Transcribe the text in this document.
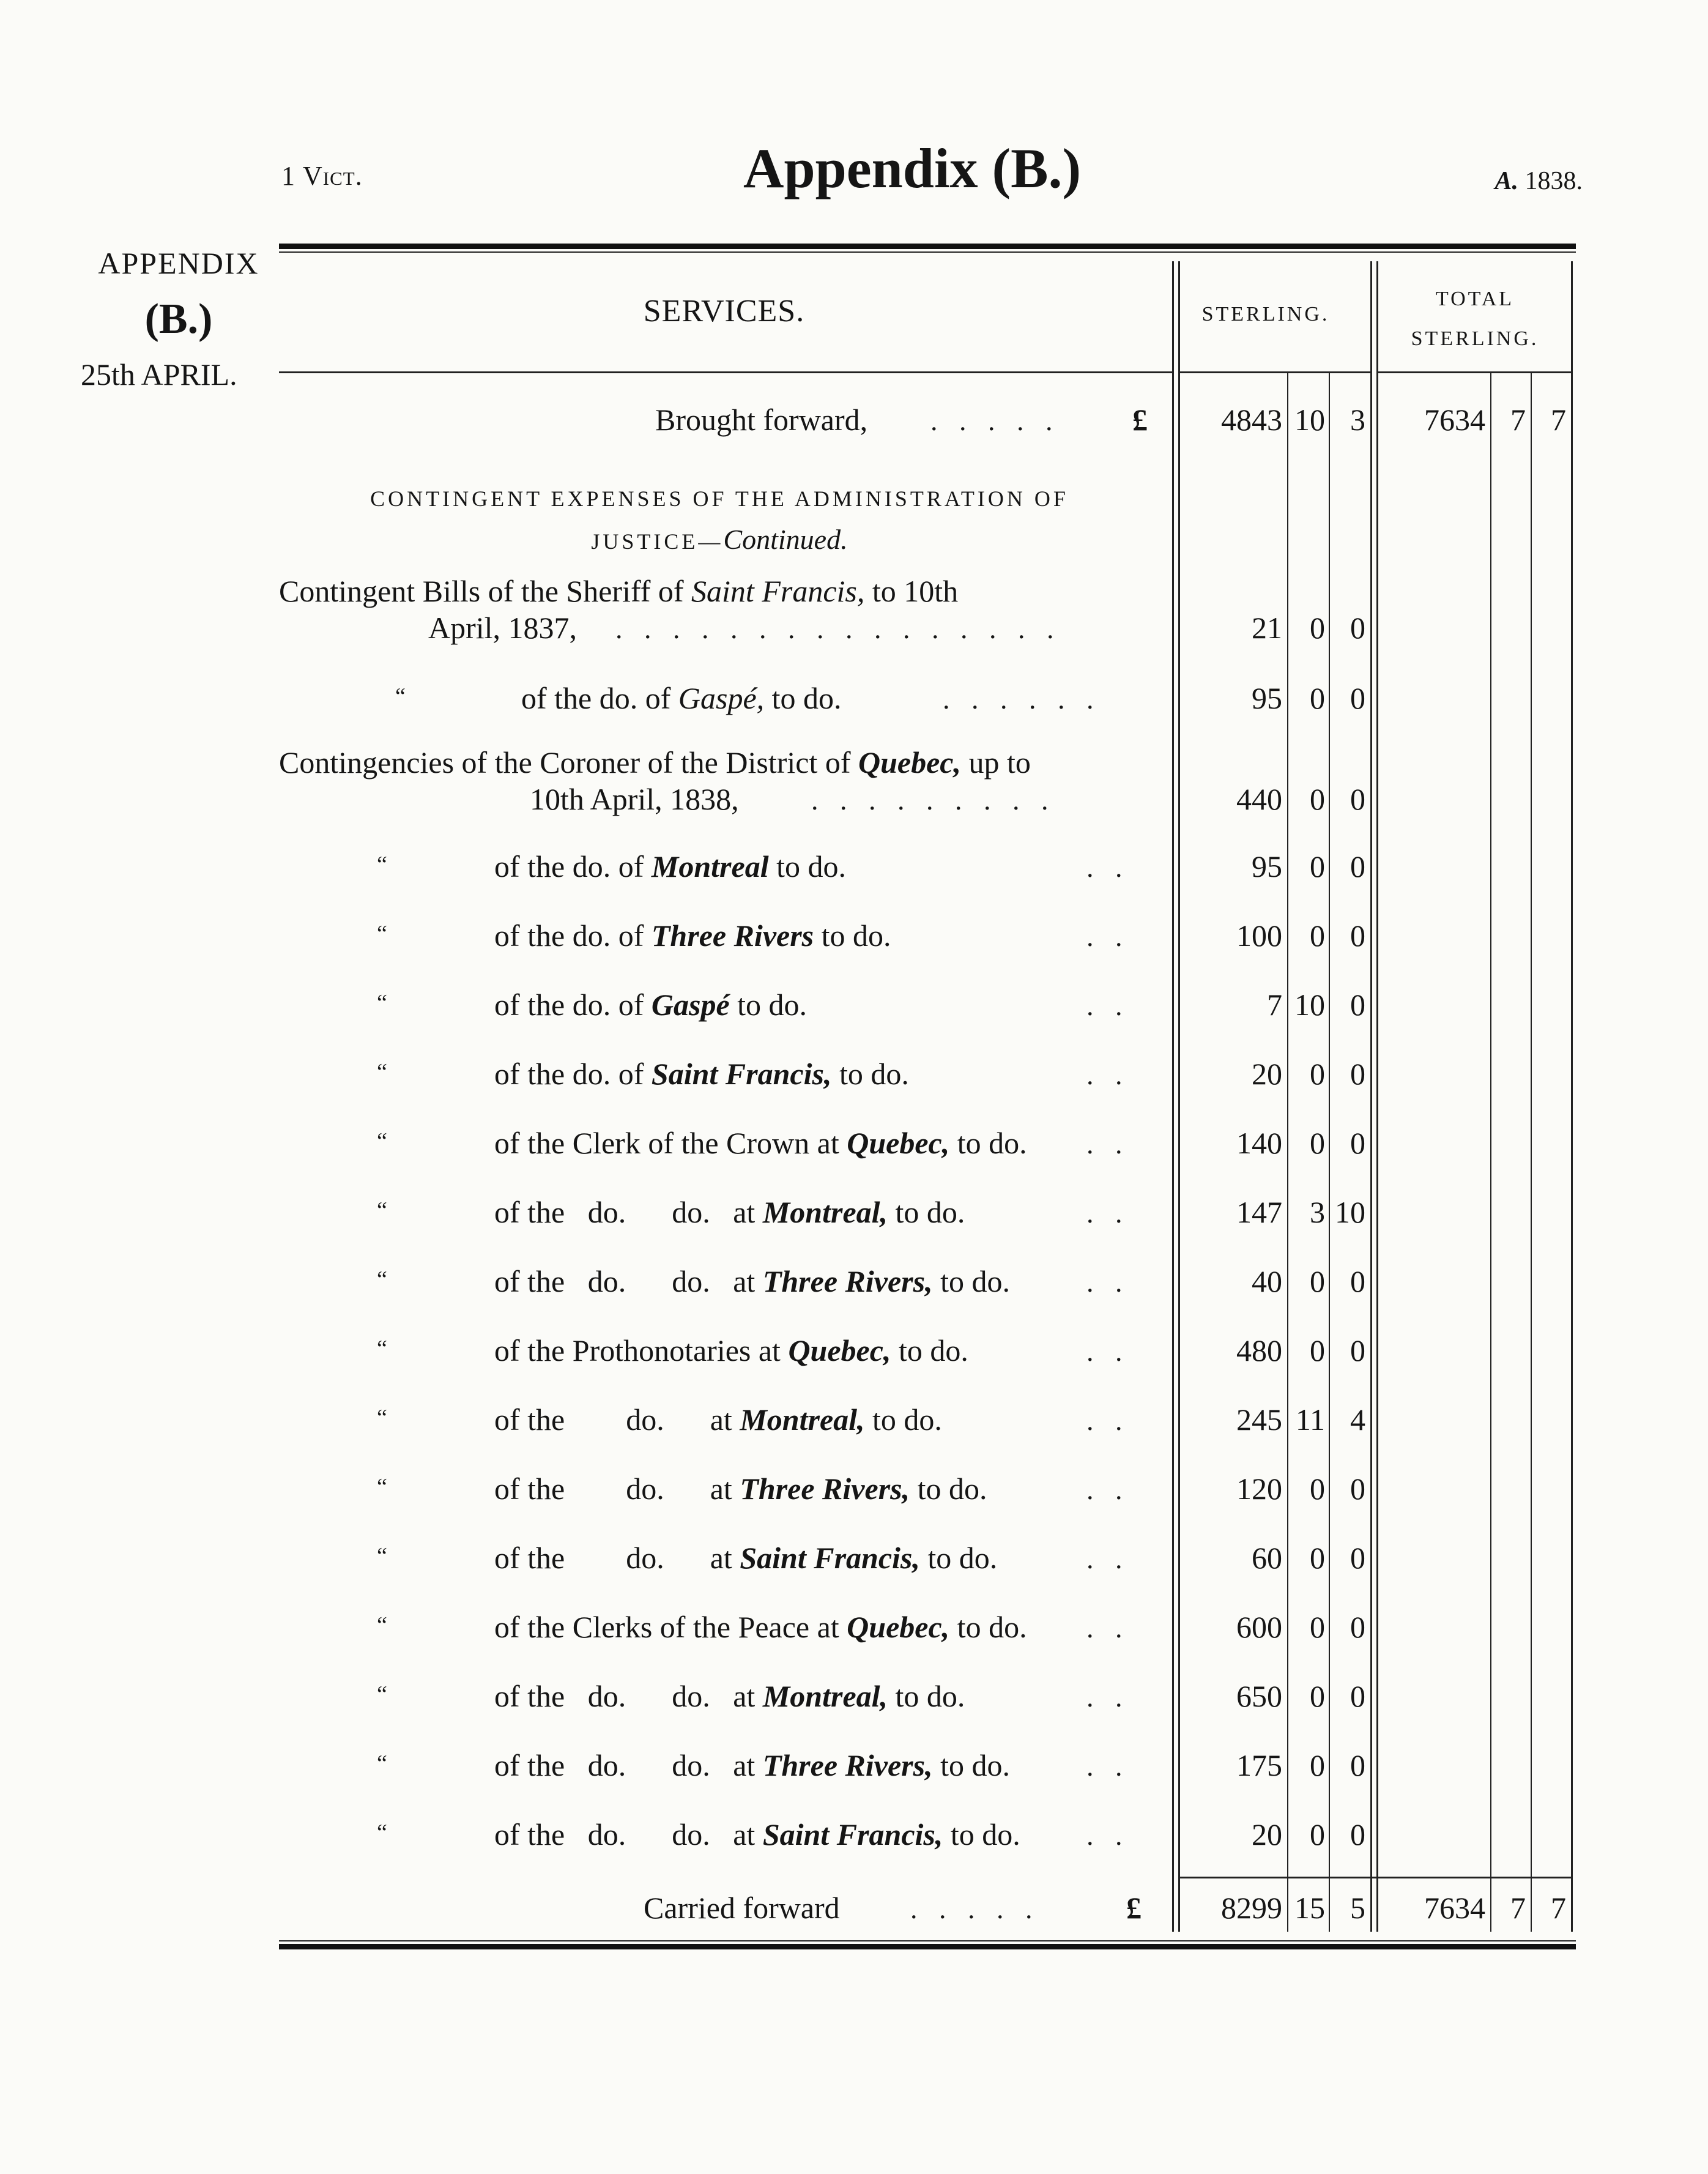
1 Vict.	Appendix (B.)	A. 1838.
APPENDIX
(B.)
25th APRIL.
SERVICES.	STERLING.
TOTAL
STERLING.
Brought forward, . . . . . £	4843 10 3	7634 7 7
CONTINGENT EXPENSES OF THE ADMINISTRATION OF
JUSTICE—Continued.
Contingent Bills of the Sheriff of Saint Francis, to 10th
April, 1837, . . . . . . . . . . . . . . . .	21 0 0
“	of the do. of Gaspé, to do.	. . . . . .	95 0 0
Contingencies of the Coroner of the District of Quebec, up to
10th April, 1838,	. . . . . . . . .	440 0 0
“	of the do. of Montreal to do.	. .	95 0 0
“	of the do. of Three Rivers to do.	. .	100 0 0
“	of the do. of Gaspé to do.	. .	7 10 0
“	of the do. of Saint Francis, to do.	. .	20 0 0
“	of the Clerk of the Crown at Quebec, to do. . .	140 0 0
“	of the   do.      do.   at Montreal, to do.	. .	147 3 10
“	of the   do.      do.   at Three Rivers, to do.	. .	40 0 0
“	of the Prothonotaries at Quebec, to do.	. .	480 0 0
“	of the        do.      at Montreal, to do.	. .	245 11 4
“	of the        do.      at Three Rivers, to do.	. .	120 0 0
“	of the        do.      at Saint Francis, to do.	. .	60 0 0
“	of the Clerks of the Peace at Quebec, to do. . .	600 0 0
“	of the   do.      do.   at Montreal, to do.	. .	650 0 0
“	of the   do.      do.   at Three Rivers, to do.	. .	175 0 0
“	of the   do.      do.   at Saint Francis, to do. . .	20 0 0
Carried forward	. . . . .	£	8299 15 5	7634 7 7
